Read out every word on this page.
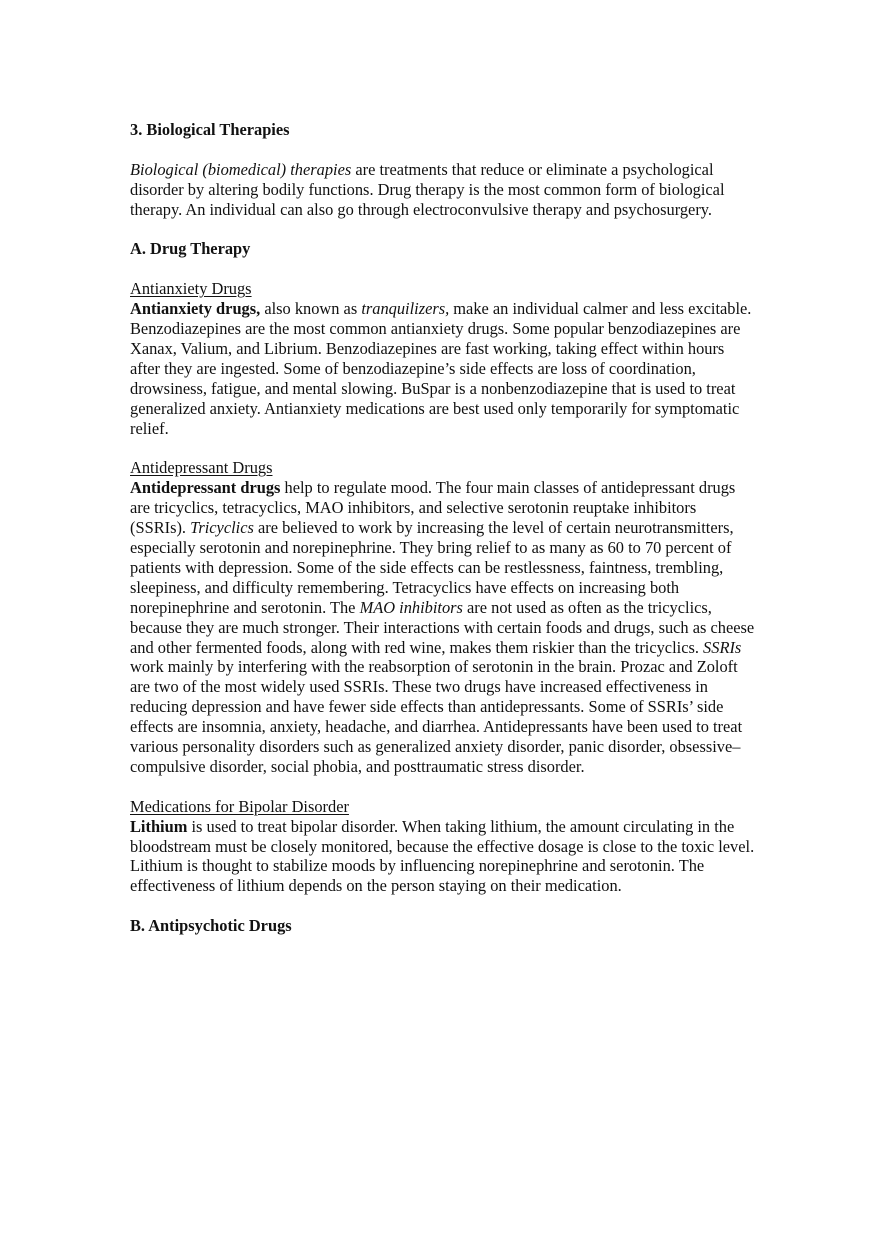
3. Biological Therapies

Biological (biomedical) therapies are treatments that reduce or eliminate a psychological disorder by altering bodily functions. Drug therapy is the most common form of biological therapy. An individual can also go through electroconvulsive therapy and psychosurgery.

A. Drug Therapy

Antianxiety Drugs

Antianxiety drugs, also known as tranquilizers, make an individual calmer and less excitable. Benzodiazepines are the most common antianxiety drugs. Some popular benzodiazepines are Xanax, Valium, and Librium. Benzodiazepines are fast working, taking effect within hours after they are ingested. Some of benzodiazepine’s side effects are loss of coordination, drowsiness, fatigue, and mental slowing. BuSpar is a nonbenzodiazepine that is used to treat generalized anxiety. Antianxiety medications are best used only temporarily for symptomatic relief.

Antidepressant Drugs

Antidepressant drugs help to regulate mood. The four main classes of antidepressant drugs are tricyclics, tetracyclics, MAO inhibitors, and selective serotonin reuptake inhibitors (SSRIs). Tricyclics are believed to work by increasing the level of certain neurotransmitters, especially serotonin and norepinephrine. They bring relief to as many as 60 to 70 percent of patients with depression. Some of the side effects can be restlessness, faintness, trembling, sleepiness, and difficulty remembering. Tetracyclics have effects on increasing both norepinephrine and serotonin. The MAO inhibitors are not used as often as the tricyclics, because they are much stronger. Their interactions with certain foods and drugs, such as cheese and other fermented foods, along with red wine, makes them riskier than the tricyclics. SSRIs work mainly by interfering with the reabsorption of serotonin in the brain. Prozac and Zoloft are two of the most widely used SSRIs. These two drugs have increased effectiveness in reducing depression and have fewer side effects than antidepressants. Some of SSRIs’ side effects are insomnia, anxiety, headache, and diarrhea. Antidepressants have been used to treat various personality disorders such as generalized anxiety disorder, panic disorder, obsessive–compulsive disorder, social phobia, and posttraumatic stress disorder.

Medications for Bipolar Disorder

Lithium is used to treat bipolar disorder. When taking lithium, the amount circulating in the bloodstream must be closely monitored, because the effective dosage is close to the toxic level. Lithium is thought to stabilize moods by influencing norepinephrine and serotonin. The effectiveness of lithium depends on the person staying on their medication.

B. Antipsychotic Drugs
